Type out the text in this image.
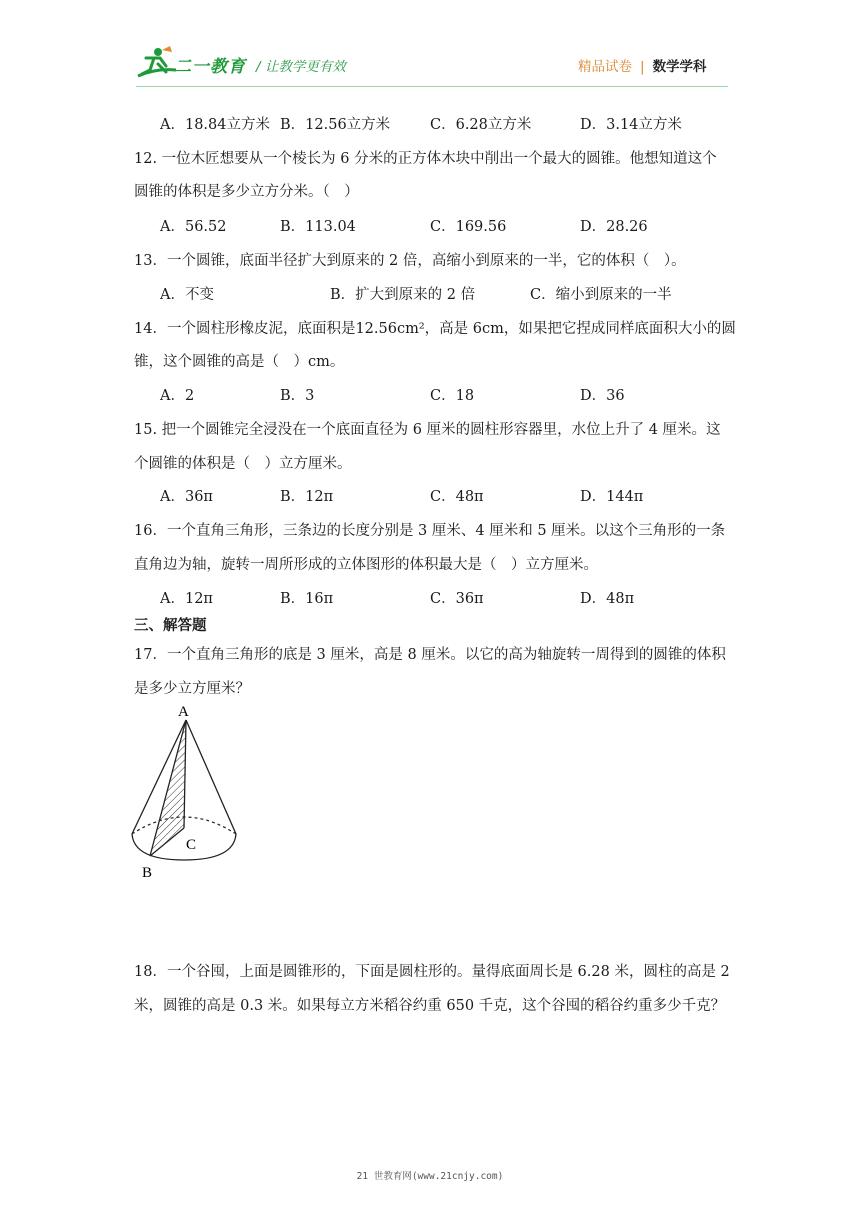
二一教育 / 让教学更有效	精品试卷 | 数学学科
A．18.84立方米 B．12.56立方米	C．6.28立方米	D．3.14立方米
12. 一位木匠想要从一个棱长为 6 分米的正方体木块中削出一个最大的圆锥。他想知道这个
圆锥的体积是多少立方分米。（　）
A．56.52	B．113.04	C．169.56	D．28.26
13．一个圆锥，底面半径扩大到原来的 2 倍，高缩小到原来的一半，它的体积（　）。
A．不变	B．扩大到原来的 2 倍	C．缩小到原来的一半
14．一个圆柱形橡皮泥，底面积是12.56cm²，高是 6cm，如果把它捏成同样底面积大小的圆
锥，这个圆锥的高是（　）cm。
A．2	B．3	C．18	D．36
15. 把一个圆锥完全浸没在一个底面直径为 6 厘米的圆柱形容器里，水位上升了 4 厘米。这
个圆锥的体积是（　）立方厘米。
A．36π	B．12π	C．48π	D．144π
16．一个直角三角形，三条边的长度分别是 3 厘米、4 厘米和 5 厘米。以这个三角形的一条
直角边为轴，旋转一周所形成的立体图形的体积最大是（　）立方厘米。
A．12π	B．16π	C．36π	D．48π
三、解答题
17．一个直角三角形的底是 3 厘米，高是 8 厘米。以它的高为轴旋转一周得到的圆锥的体积
是多少立方厘米？
A
B
C
18．一个谷囤，上面是圆锥形的，下面是圆柱形的。量得底面周长是 6.28 米，圆柱的高是 2
米，圆锥的高是 0.3 米。如果每立方米稻谷约重 650 千克，这个谷囤的稻谷约重多少千克？
21 世教育网(www.21cnjy.com)
